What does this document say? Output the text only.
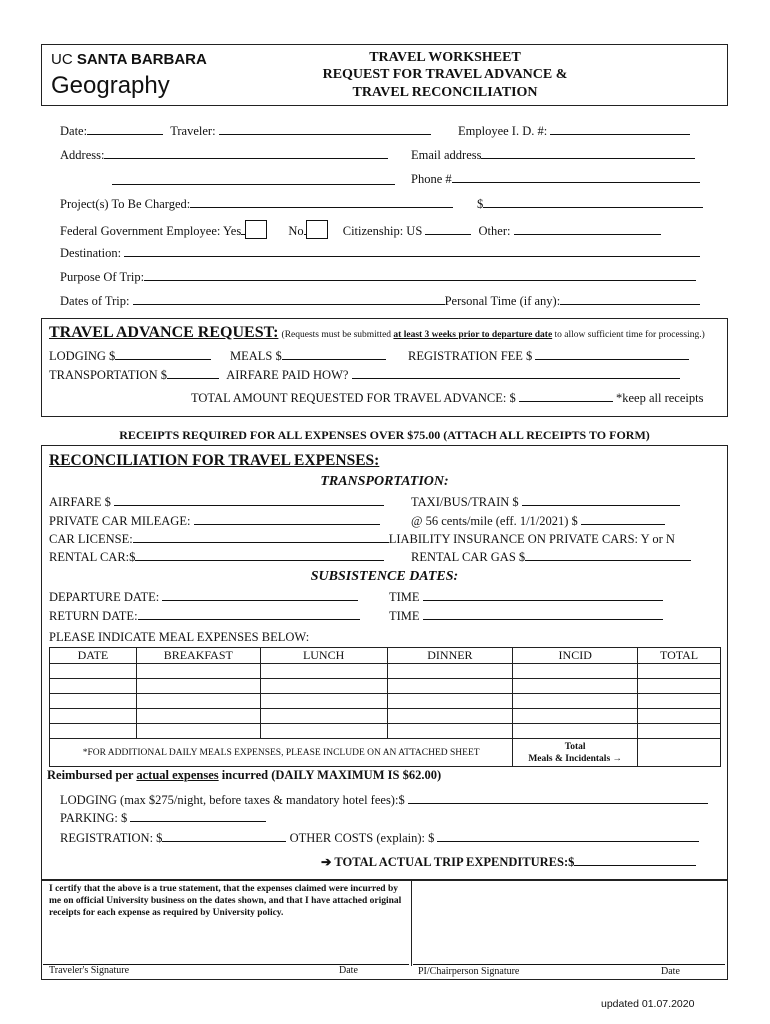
UC SANTA BARBARA
Geography
TRAVEL WORKSHEET
REQUEST FOR TRAVEL ADVANCE &
TRAVEL RECONCILIATION
Date:	Traveler:	Employee I. D. #:
Address:	Email address
Phone #
Project(s) To Be Charged:	$
Federal Government Employee: Yes	No	Citizenship: US	Other:
Destination:
Purpose Of Trip:
Dates of Trip:	Personal Time (if any):
TRAVEL ADVANCE REQUEST: (Requests must be submitted at least 3 weeks prior to departure date to allow sufficient time for processing.)
LODGING $	MEALS $	REGISTRATION FEE $
TRANSPORTATION $	AIRFARE PAID HOW?
TOTAL AMOUNT REQUESTED FOR TRAVEL ADVANCE: $	*keep all receipts
RECEIPTS REQUIRED FOR ALL EXPENSES OVER $75.00 (ATTACH ALL RECEIPTS TO FORM)
RECONCILIATION FOR TRAVEL EXPENSES:
TRANSPORTATION:
AIRFARE $	TAXI/BUS/TRAIN $
PRIVATE CAR MILEAGE:	@ 56 cents/mile (eff. 1/1/2021) $
CAR LICENSE:	LIABILITY INSURANCE ON PRIVATE CARS: Y or N
RENTAL CAR:$	RENTAL CAR GAS $
SUBSISTENCE DATES:
DEPARTURE DATE:	TIME
RETURN DATE:	TIME
PLEASE INDICATE MEAL EXPENSES BELOW:
DATE	BREAKFAST	LUNCH	DINNER	INCID	TOTAL

*FOR ADDITIONAL DAILY MEALS EXPENSES, PLEASE INCLUDE ON AN ATTACHED SHEET				Total
Meals & Incidentals →	

Reimbursed per actual expenses incurred (DAILY MAXIMUM IS $62.00)
LODGING (max $275/night, before taxes & mandatory hotel fees):$
PARKING: $
REGISTRATION: $	OTHER COSTS (explain): $
➔ TOTAL ACTUAL TRIP EXPENDITURES:$
I certify that the above is a true statement, that the expenses claimed were incurred by me on official University business on the dates shown, and that I have attached original receipts for each expense as required by University policy.
Traveler's Signature	Date	PI/Chairperson Signature	Date
updated 01.07.2020
